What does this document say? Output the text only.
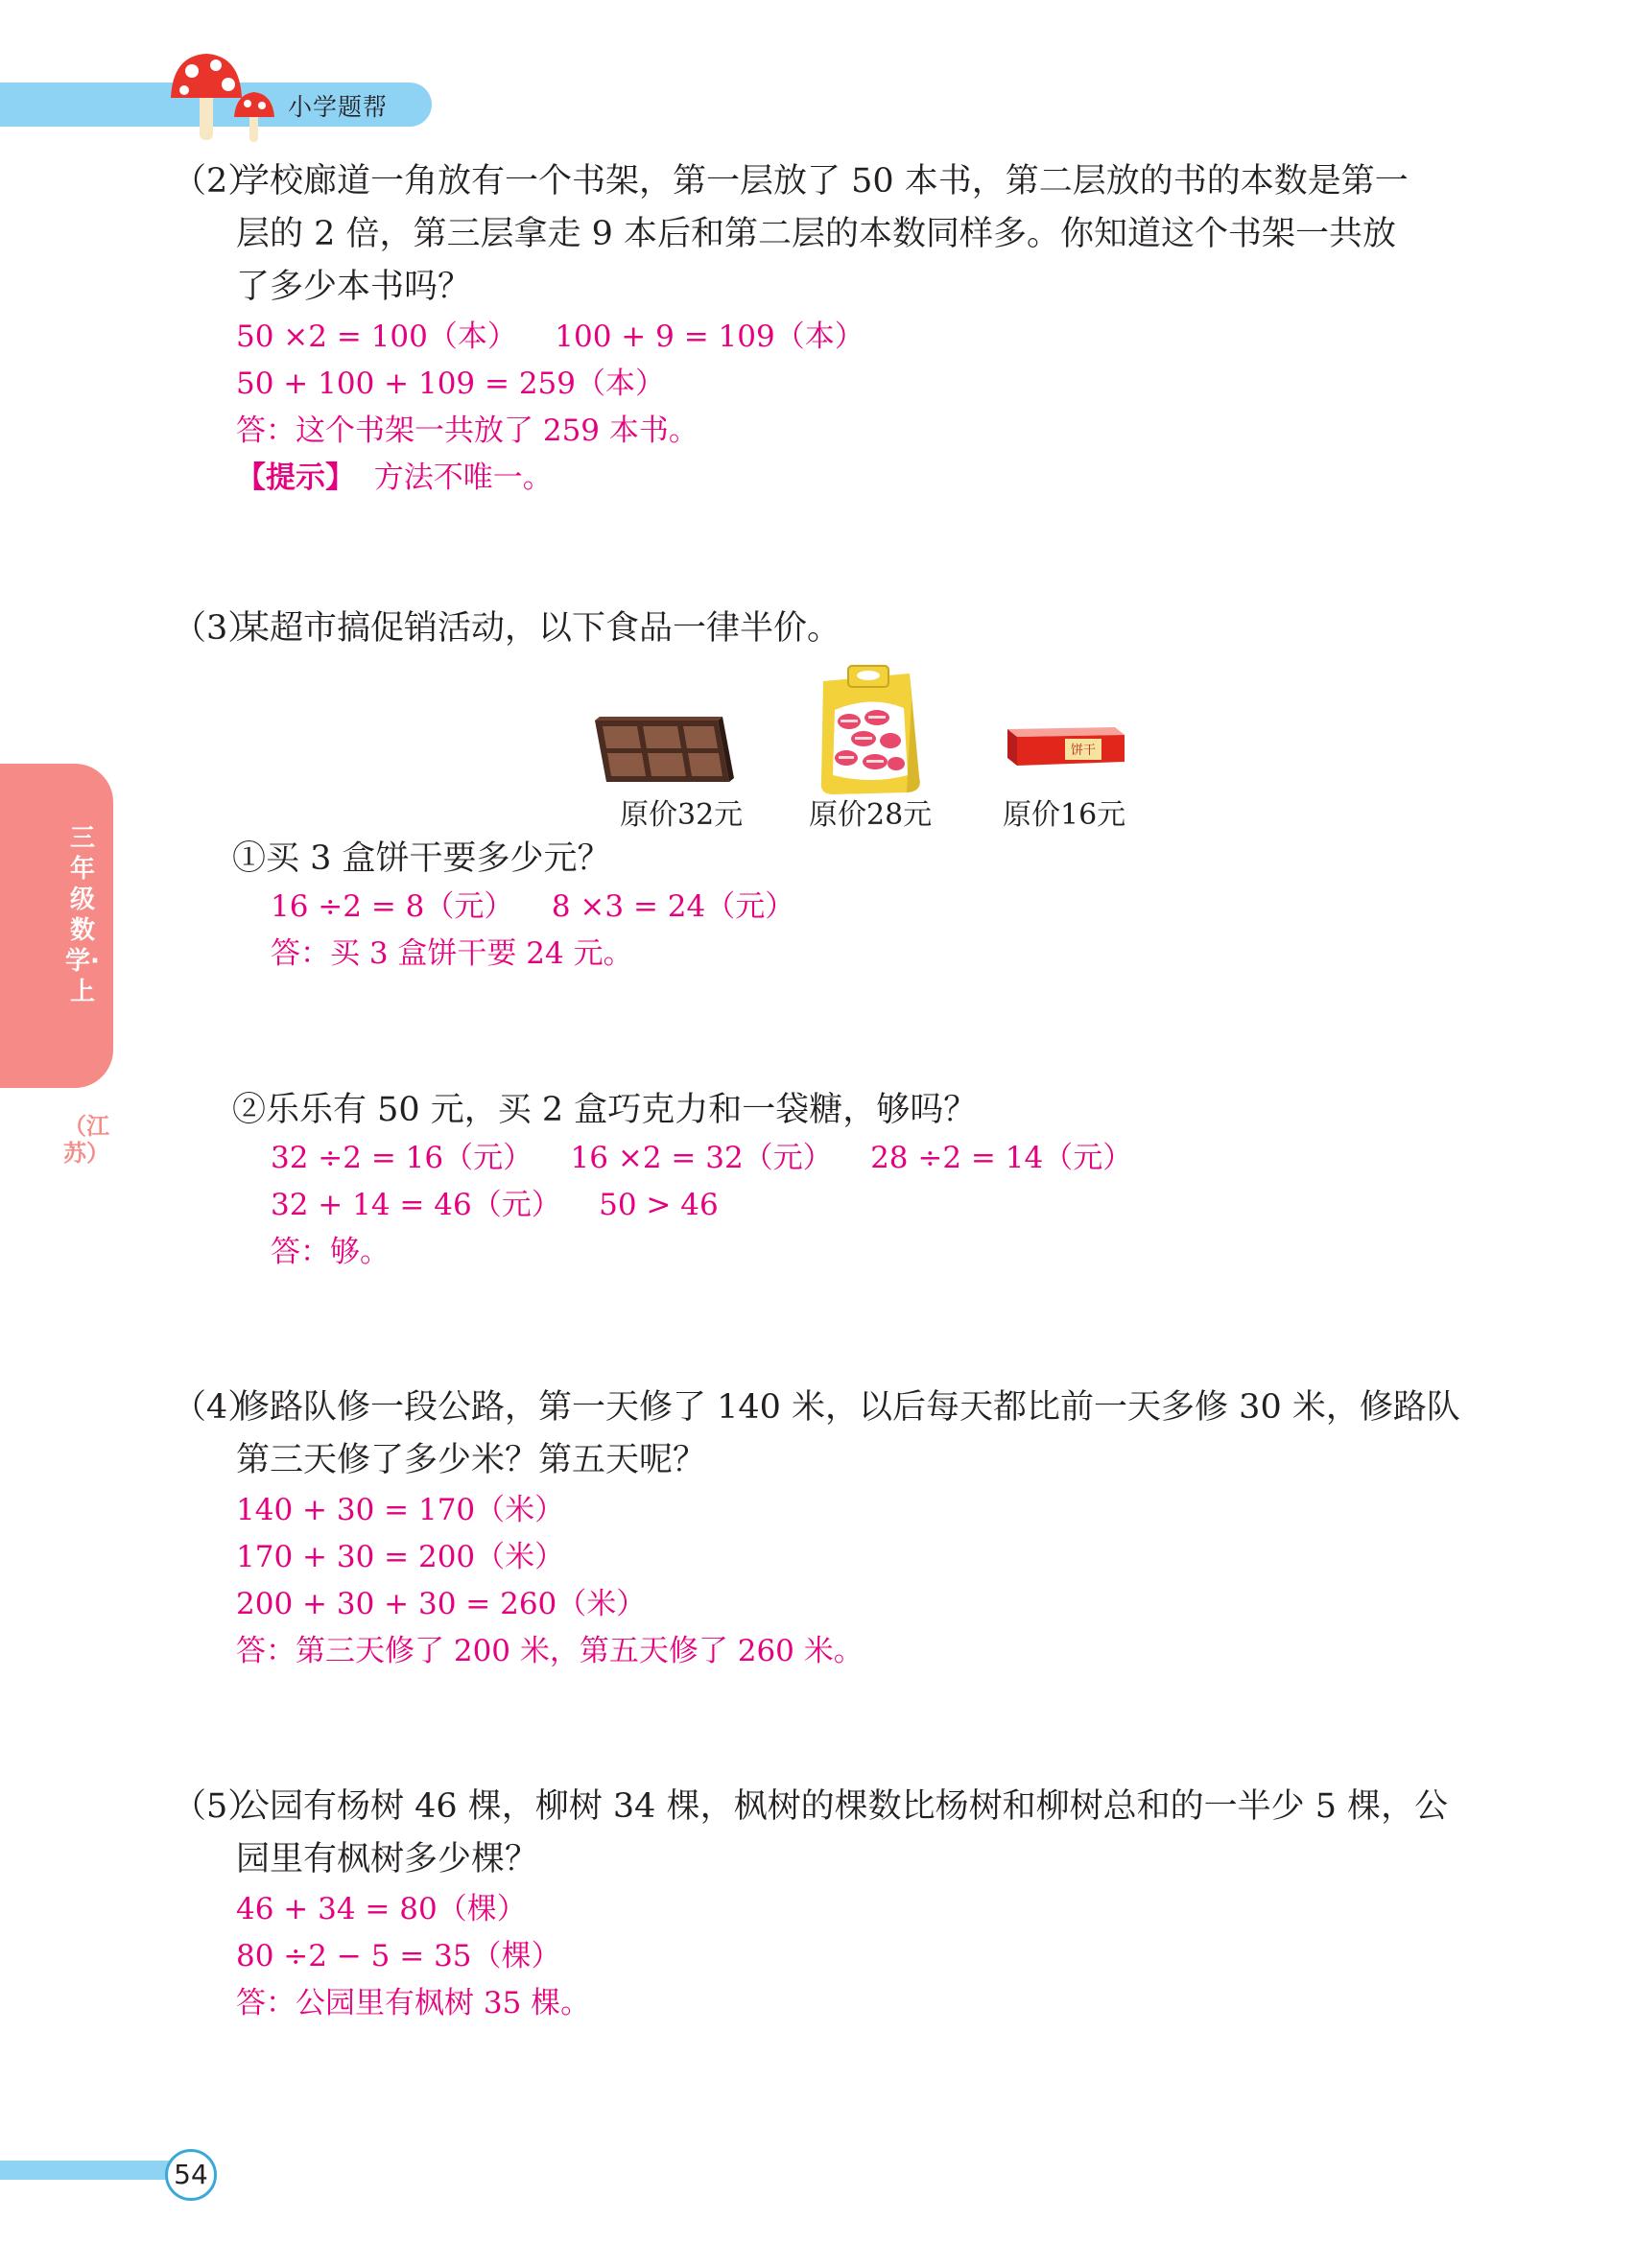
小学题帮
三年级数学·上
（江苏）
（2）学校廊道一角放有一个书架，第一层放了 50 本书，第二层放的书的本数是第一
层的 2 倍，第三层拿走 9 本后和第二层的本数同样多。你知道这个书架一共放
了多少本书吗？
50 ×2 = 100（本）    100 + 9 = 109（本）
50 + 100 + 109 = 259（本）
答：这个书架一共放了 259 本书。
【提示】  方法不唯一。
（3）某超市搞促销活动，以下食品一律半价。
饼干
原价32元 原价28元 原价16元
①买 3 盒饼干要多少元？
16 ÷2 = 8（元）    8 ×3 = 24（元）
答：买 3 盒饼干要 24 元。
②乐乐有 50 元，买 2 盒巧克力和一袋糖，够吗？
32 ÷2 = 16（元）    16 ×2 = 32（元）    28 ÷2 = 14（元）
32 + 14 = 46（元）    50 > 46
答：够。
（4）修路队修一段公路，第一天修了 140 米，以后每天都比前一天多修 30 米，修路队
第三天修了多少米？第五天呢？
140 + 30 = 170（米）
170 + 30 = 200（米）
200 + 30 + 30 = 260（米）
答：第三天修了 200 米，第五天修了 260 米。
（5）公园有杨树 46 棵，柳树 34 棵，枫树的棵数比杨树和柳树总和的一半少 5 棵，公
园里有枫树多少棵？
46 + 34 = 80（棵）
80 ÷2 − 5 = 35（棵）
答：公园里有枫树 35 棵。
54
